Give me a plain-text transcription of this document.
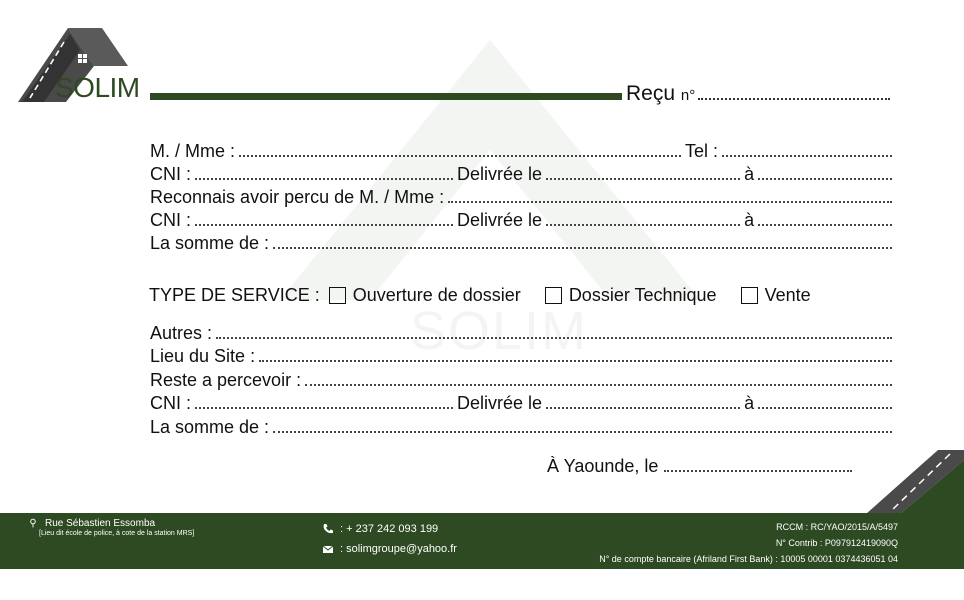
SOLIM	Reçu n°
M. / Mme :	Tel :
CNI :	Delivrée le	à
Reconnais avoir percu de M. / Mme :
CNI :	Delivrée le	à
La somme de :
TYPE DE SERVICE : Ouverture de dossier	Dossier Technique	Vente
Autres :
Lieu du Site :
Reste a percevoir :
CNI :	Delivrée le	à
La somme de :
À Yaounde, le
⚲ Rue Sébastien Essomba
[Lieu dit école de police, à cote de la station MRS]	: + 237 242 093 199
: solimgroupe@yahoo.fr
RCCM : RC/YAO/2015/A/5497
N° Contrib : P097912419090Q
N° de compte bancaire (Afriland First Bank) : 10005 00001 0374436051 04
